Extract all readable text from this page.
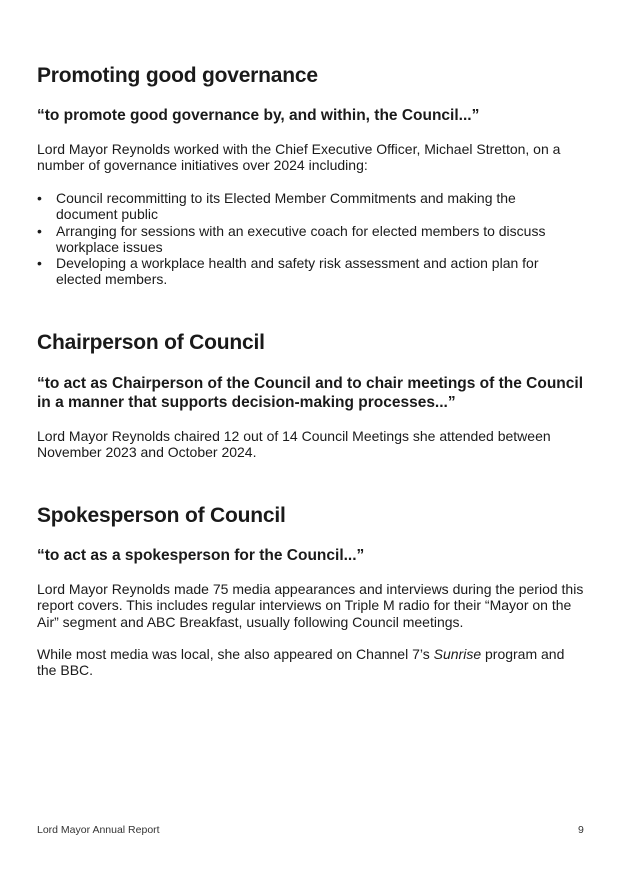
Promoting good governance

“to promote good governance by, and within, the Council...”

Lord Mayor Reynolds worked with the Chief Executive Officer, Michael Stretton, on a number of governance initiatives over 2024 including:

• Council recommitting to its Elected Member Commitments and making the document public
• Arranging for sessions with an executive coach for elected members to discuss workplace issues
• Developing a workplace health and safety risk assessment and action plan for elected members.
Chairperson of Council

“to act as Chairperson of the Council and to chair meetings of the Council in a manner that supports decision-making processes...”

Lord Mayor Reynolds chaired 12 out of 14 Council Meetings she attended between November 2023 and October 2024.

Spokesperson of Council

“to act as a spokesperson for the Council...”

Lord Mayor Reynolds made 75 media appearances and interviews during the period this report covers. This includes regular interviews on Triple M radio for their “Mayor on the Air” segment and ABC Breakfast, usually following Council meetings.

While most media was local, she also appeared on Channel 7’s Sunrise program and the BBC.

Lord Mayor Annual Report	9
